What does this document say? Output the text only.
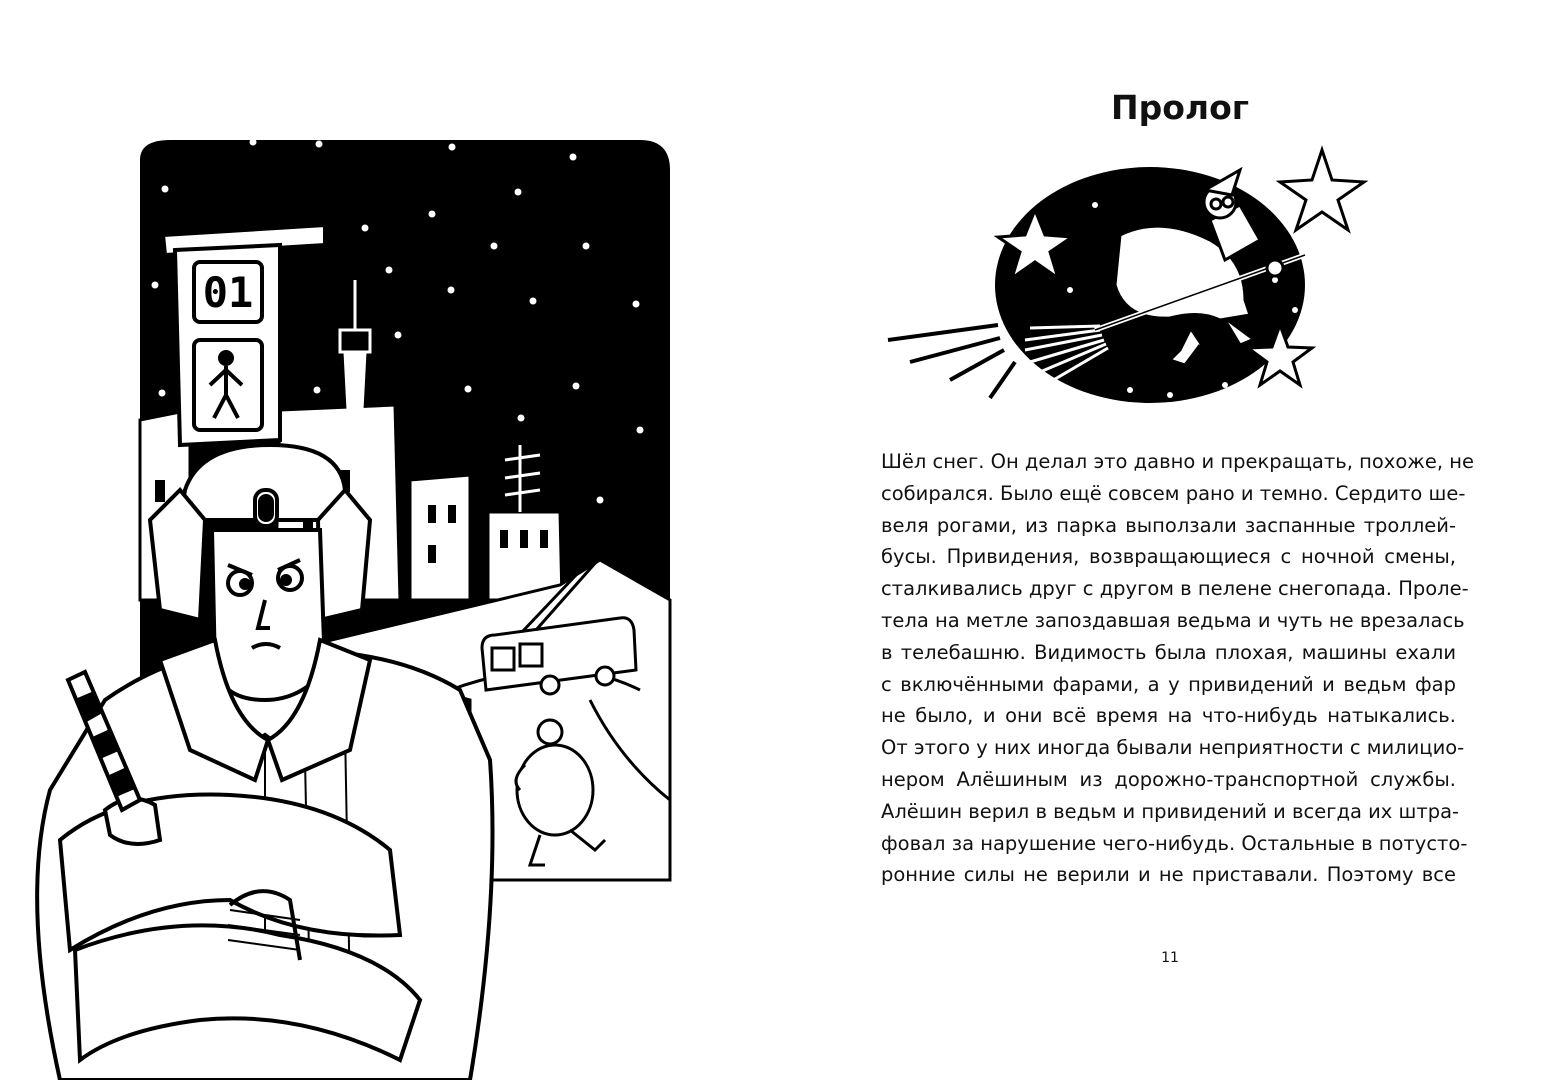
01
Пролог
Шёл снег. Он делал это давно и прекращать, похоже, не
собирался. Было ещё совсем рано и темно. Сердито ше-
веля рогами, из парка выползали заспанные троллей-
бусы. Привидения, возвращающиеся с ночной смены,
сталкивались друг с другом в пелене снегопада. Проле-
тела на метле запоздавшая ведьма и чуть не врезалась
в телебашню. Видимость была плохая, машины ехали
с включёнными фарами, а у привидений и ведьм фар
не было, и они всё время на что-нибудь натыкались.
От этого у них иногда бывали неприятности с милицио-
нером Алёшиным из дорожно-транспортной службы.
Алёшин верил в ведьм и привидений и всегда их штра-
фовал за нарушение чего-нибудь. Остальные в потусто-
ронние силы не верили и не приставали. Поэтому все
11
